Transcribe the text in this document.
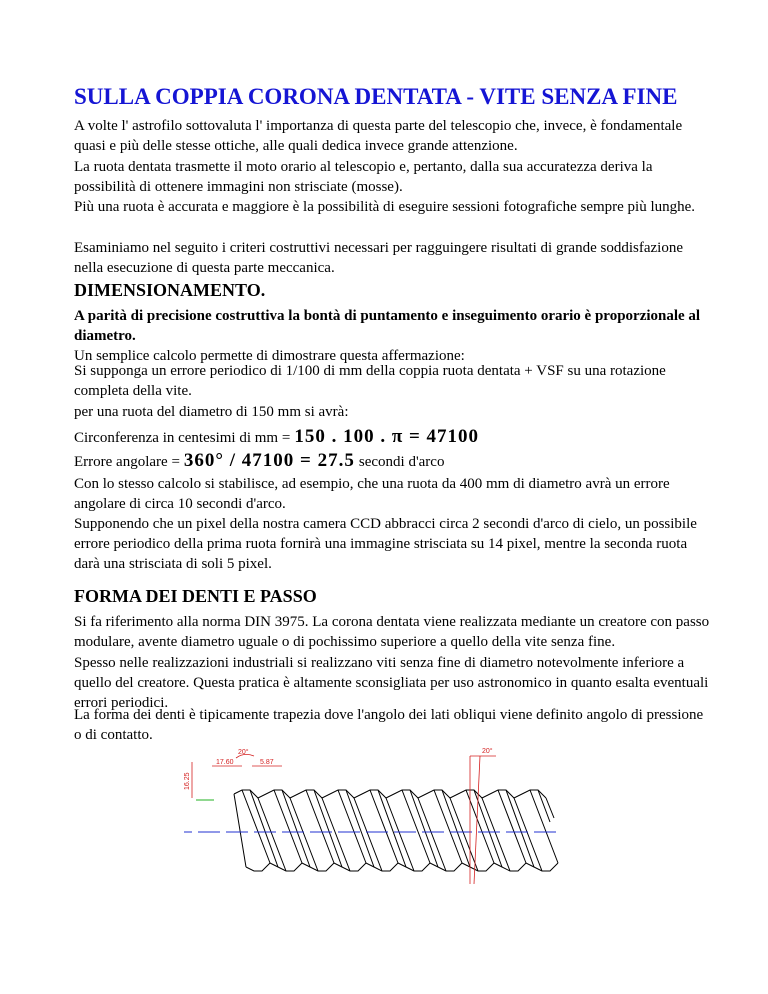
SULLA COPPIA CORONA DENTATA - VITE SENZA FINE

A volte l' astrofilo sottovaluta l' importanza di questa parte del telescopio che, invece, è fondamentale quasi e più delle stesse ottiche, alle quali dedica invece grande attenzione.

La ruota dentata trasmette il moto orario al telescopio e, pertanto, dalla sua accuratezza deriva la possibilità di ottenere immagini non strisciate (mosse).

Più una ruota è accurata e maggiore è la possibilità di eseguire sessioni fotografiche sempre più lunghe.

Esaminiamo nel seguito i criteri costruttivi necessari per ragguingere risultati di grande soddisfazione nella esecuzione di questa parte meccanica.

DIMENSIONAMENTO.

A parità di precisione costruttiva la bontà di puntamento e inseguimento orario è proporzionale al diametro.

Un semplice calcolo permette di dimostrare questa affermazione:

Si supponga un errore periodico di 1/100 di mm della coppia ruota dentata + VSF su una rotazione completa della vite.

per una ruota del diametro di 150 mm si avrà:

Circonferenza in centesimi di mm = 150 . 100 . π = 47100
Errore angolare = 360° / 47100 = 27.5 secondi d'arco

Con lo stesso calcolo si stabilisce, ad esempio, che una ruota da 400 mm di diametro avrà un errore angolare di circa 10 secondi d'arco.

Supponendo che un pixel della nostra camera CCD abbracci circa 2 secondi d'arco di cielo, un possibile errore periodico della prima ruota fornirà una immagine strisciata su 14 pixel, mentre la seconda ruota darà una strisciata di soli 5 pixel.

FORMA DEI DENTI E PASSO

Si fa riferimento alla norma DIN 3975. La corona dentata viene realizzata mediante un creatore con passo modulare, avente diametro uguale o di pochissimo superiore a quello della vite senza fine.

Spesso nelle realizzazioni industriali si realizzano viti senza fine di diametro notevolmente inferiore a quello del creatore. Questa pratica è altamente sconsigliata per uso astronomico in quanto esalta eventuali errori periodici.

La forma dei denti è tipicamente trapezia dove l'angolo dei lati obliqui viene definito angolo di pressione o di contatto.

20°
17.60	5.87
16.25
20°
